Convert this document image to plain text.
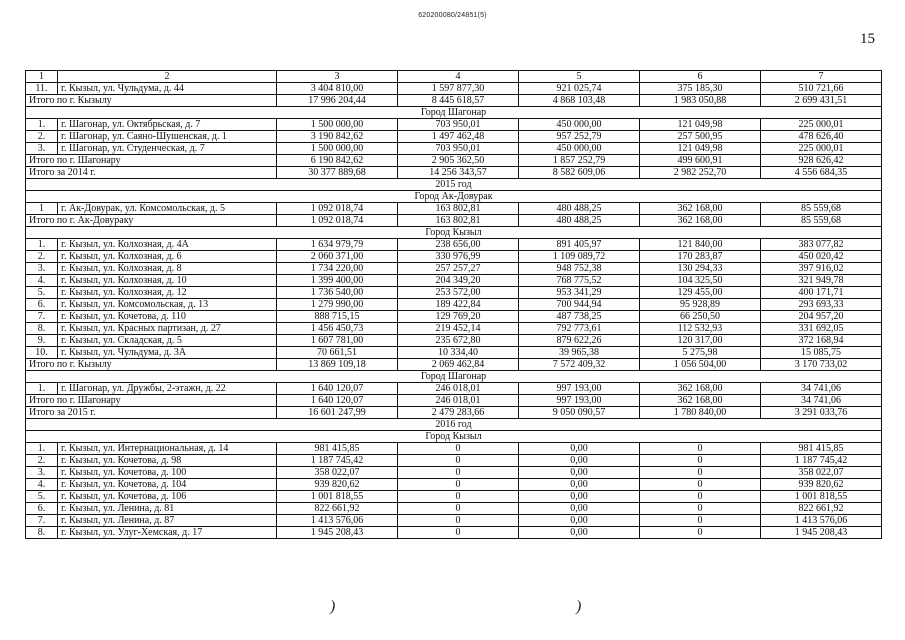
620200080/24851(5)
15
1	2	3	4	5	6	7
11.	г. Кызыл, ул. Чульдума, д. 44	3 404 810,00	1 597 877,30	921 025,74	375 185,30	510 721,66
Итого по г. Кызылу		17 996 204,44	8 445 618,57	4 868 103,48	1 983 050,88	2 699 431,51
Город Шагонар						
1.	г. Шагонар, ул. Октябрьская, д. 7	1 500 000,00	703 950,01	450 000,00	121 049,98	225 000,01
2.	г. Шагонар, ул. Саяно-Шушенская, д. 1	3 190 842,62	1 497 462,48	957 252,79	257 500,95	478 626,40
3.	г. Шагонар, ул. Студенческая, д. 7	1 500 000,00	703 950,01	450 000,00	121 049,98	225 000,01
Итого по г. Шагонару		6 190 842,62	2 905 362,50	1 857 252,79	499 600,91	928 626,42
Итого за 2014 г.		30 377 889,68	14 256 343,57	8 582 609,06	2 982 252,70	4 556 684,35
2015 год						
Город Ак-Довурак						
1	г. Ак-Довурак, ул. Комсомольская, д. 5	1 092 018,74	163 802,81	480 488,25	362 168,00	85 559,68
Итого по г. Ак-Довураку		1 092 018,74	163 802,81	480 488,25	362 168,00	85 559,68
Город Кызыл						
1.	г. Кызыл, ул. Колхозная, д. 4А	1 634 979,79	238 656,00	891 405,97	121 840,00	383 077,82
2.	г. Кызыл, ул. Колхозная, д. 6	2 060 371,00	330 976,99	1 109 089,72	170 283,87	450 020,42
3.	г. Кызыл, ул. Колхозная, д. 8	1 734 220,00	257 257,27	948 752,38	130 294,33	397 916,02
4.	г. Кызыл, ул. Колхозная, д. 10	1 399 400,00	204 349,20	768 775,52	104 325,50	321 949,78
5.	г. Кызыл, ул. Колхозная, д. 12	1 736 540,00	253 572,00	953 341,29	129 455,00	400 171,71
6.	г. Кызыл, ул. Комсомольская, д. 13	1 279 990,00	189 422,84	700 944,94	95 928,89	293 693,33
7.	г. Кызыл, ул. Кочетова, д. 110	888 715,15	129 769,20	487 738,25	66 250,50	204 957,20
8.	г. Кызыл, ул. Красных партизан, д. 27	1 456 450,73	219 452,14	792 773,61	112 532,93	331 692,05
9.	г. Кызыл, ул. Складская, д. 5	1 607 781,00	235 672,80	879 622,26	120 317,00	372 168,94
10.	г. Кызыл, ул. Чульдума, д. 3А	70 661,51	10 334,40	39 965,38	5 275,98	15 085,75
Итого по г. Кызылу		13 869 109,18	2 069 462,84	7 572 409,32	1 056 504,00	3 170 733,02
Город Шагонар						
1.	г. Шагонар, ул. Дружбы, 2-этажн, д. 22	1 640 120,07	246 018,01	997 193,00	362 168,00	34 741,06
Итого по г. Шагонару		1 640 120,07	246 018,01	997 193,00	362 168,00	34 741,06
Итого за 2015 г.		16 601 247,99	2 479 283,66	9 050 090,57	1 780 840,00	3 291 033,76
2016 год						
Город Кызыл						
1.	г. Кызыл, ул. Интернациональная, д. 14	981 415,85	0	0,00	0	981 415,85
2.	г. Кызыл, ул. Кочетова, д. 98	1 187 745,42	0	0,00	0	1 187 745,42
3.	г. Кызыл, ул. Кочетова, д. 100	358 022,07	0	0,00	0	358 022,07
4.	г. Кызыл, ул. Кочетова, д. 104	939 820,62	0	0,00	0	939 820,62
5.	г. Кызыл, ул. Кочетова, д. 106	1 001 818,55	0	0,00	0	1 001 818,55
6.	г. Кызыл, ул. Ленина, д. 81	822 661,92	0	0,00	0	822 661,92
7.	г. Кызыл, ул. Ленина, д. 87	1 413 576,06	0	0,00	0	1 413 576,06
8.	г. Кызыл, ул. Улуг-Хемская, д. 17	1 945 208,43	0	0,00	0	1 945 208,43
)	)
